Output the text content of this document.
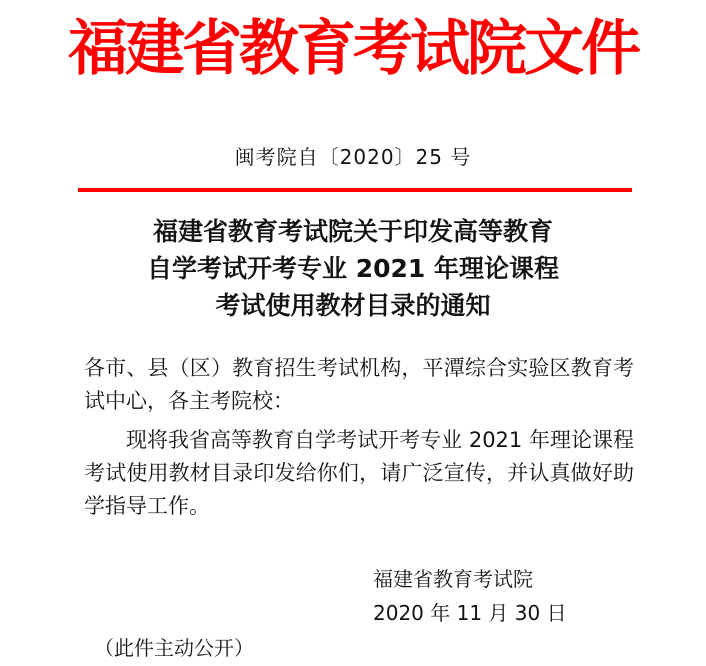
福建省教育考试院文件
闽考院自〔2020〕25 号
福建省教育考试院关于印发高等教育
自学考试开考专业 2021 年理论课程
考试使用教材目录的通知

各市、县（区）教育招生考试机构，平潭综合实验区教育考试中心，各主考院校：

现将我省高等教育自学考试开考专业 2021 年理论课程考试使用教材目录印发给你们，请广泛宣传，并认真做好助学指导工作。

福建省教育考试院
2020 年 11 月 30 日
（此件主动公开）
